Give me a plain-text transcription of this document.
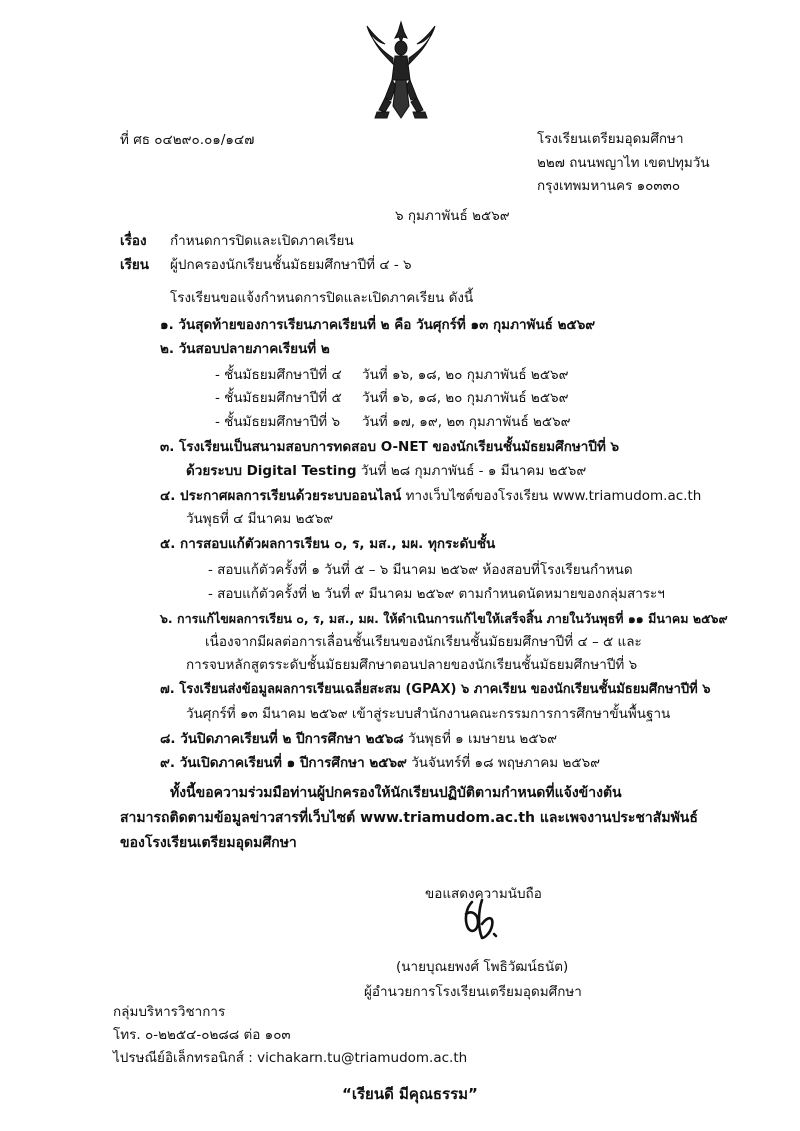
ที่ ศธ ๐๔๒๙๐.๐๑/๑๔๗	โรงเรียนเตรียมอุดมศึกษา
๒๒๗ ถนนพญาไท เขตปทุมวัน
กรุงเทพมหานคร ๑๐๓๓๐
๖ กุมภาพันธ์ ๒๕๖๙
เรื่อง กำหนดการปิดและเปิดภาคเรียน
เรียน ผู้ปกครองนักเรียนชั้นมัธยมศึกษาปีที่ ๔ - ๖
โรงเรียนขอแจ้งกำหนดการปิดและเปิดภาคเรียน ดังนี้
๑. วันสุดท้ายของการเรียนภาคเรียนที่ ๒ คือ วันศุกร์ที่ ๑๓ กุมภาพันธ์ ๒๕๖๙
๒. วันสอบปลายภาคเรียนที่ ๒
- ชั้นมัธยมศึกษาปีที่ ๔ วันที่ ๑๖, ๑๘, ๒๐ กุมภาพันธ์ ๒๕๖๙
- ชั้นมัธยมศึกษาปีที่ ๕ วันที่ ๑๖, ๑๘, ๒๐ กุมภาพันธ์ ๒๕๖๙
- ชั้นมัธยมศึกษาปีที่ ๖ วันที่ ๑๗, ๑๙, ๒๓ กุมภาพันธ์ ๒๕๖๙
๓. โรงเรียนเป็นสนามสอบการทดสอบ O-NET ของนักเรียนชั้นมัธยมศึกษาปีที่ ๖
ด้วยระบบ Digital Testing วันที่ ๒๘ กุมภาพันธ์ - ๑ มีนาคม ๒๕๖๙
๔. ประกาศผลการเรียนด้วยระบบออนไลน์ ทางเว็บไซต์ของโรงเรียน www.triamudom.ac.th
วันพุธที่ ๔ มีนาคม ๒๕๖๙
๕. การสอบแก้ตัวผลการเรียน ๐, ร, มส., มผ. ทุกระดับชั้น
- สอบแก้ตัวครั้งที่ ๑ วันที่ ๕ – ๖ มีนาคม ๒๕๖๙ ห้องสอบที่โรงเรียนกำหนด
- สอบแก้ตัวครั้งที่ ๒ วันที่ ๙ มีนาคม ๒๕๖๙ ตามกำหนดนัดหมายของกลุ่มสาระฯ
๖. การแก้ไขผลการเรียน ๐, ร, มส., มผ. ให้ดำเนินการแก้ไขให้เสร็จสิ้น ภายในวันพุธที่ ๑๑ มีนาคม ๒๕๖๙
เนื่องจากมีผลต่อการเลื่อนชั้นเรียนของนักเรียนชั้นมัธยมศึกษาปีที่ ๔ – ๕ และ
การจบหลักสูตรระดับชั้นมัธยมศึกษาตอนปลายของนักเรียนชั้นมัธยมศึกษาปีที่ ๖
๗. โรงเรียนส่งข้อมูลผลการเรียนเฉลี่ยสะสม (GPAX) ๖ ภาคเรียน ของนักเรียนชั้นมัธยมศึกษาปีที่ ๖
วันศุกร์ที่ ๑๓ มีนาคม ๒๕๖๙ เข้าสู่ระบบสำนักงานคณะกรรมการการศึกษาขั้นพื้นฐาน
๘. วันปิดภาคเรียนที่ ๒ ปีการศึกษา ๒๕๖๘ วันพุธที่ ๑ เมษายน ๒๕๖๙
๙. วันเปิดภาคเรียนที่ ๑ ปีการศึกษา ๒๕๖๙ วันจันทร์ที่ ๑๘ พฤษภาคม ๒๕๖๙
ทั้งนี้ขอความร่วมมือท่านผู้ปกครองให้นักเรียนปฏิบัติตามกำหนดที่แจ้งข้างต้น
สามารถติดตามข้อมูลข่าวสารที่เว็บไซต์ www.triamudom.ac.th และเพจงานประชาสัมพันธ์
ของโรงเรียนเตรียมอุดมศึกษา
ขอแสดงความนับถือ
(นายบุณยพงศ์ โพธิวัฒน์ธนัต)
ผู้อำนวยการโรงเรียนเตรียมอุดมศึกษา
กลุ่มบริหารวิชาการ
โทร. ๐-๒๒๕๔-๐๒๘๘ ต่อ ๑๐๓
ไปรษณีย์อิเล็กทรอนิกส์ : vichakarn.tu@triamudom.ac.th
“เรียนดี มีคุณธรรม”
